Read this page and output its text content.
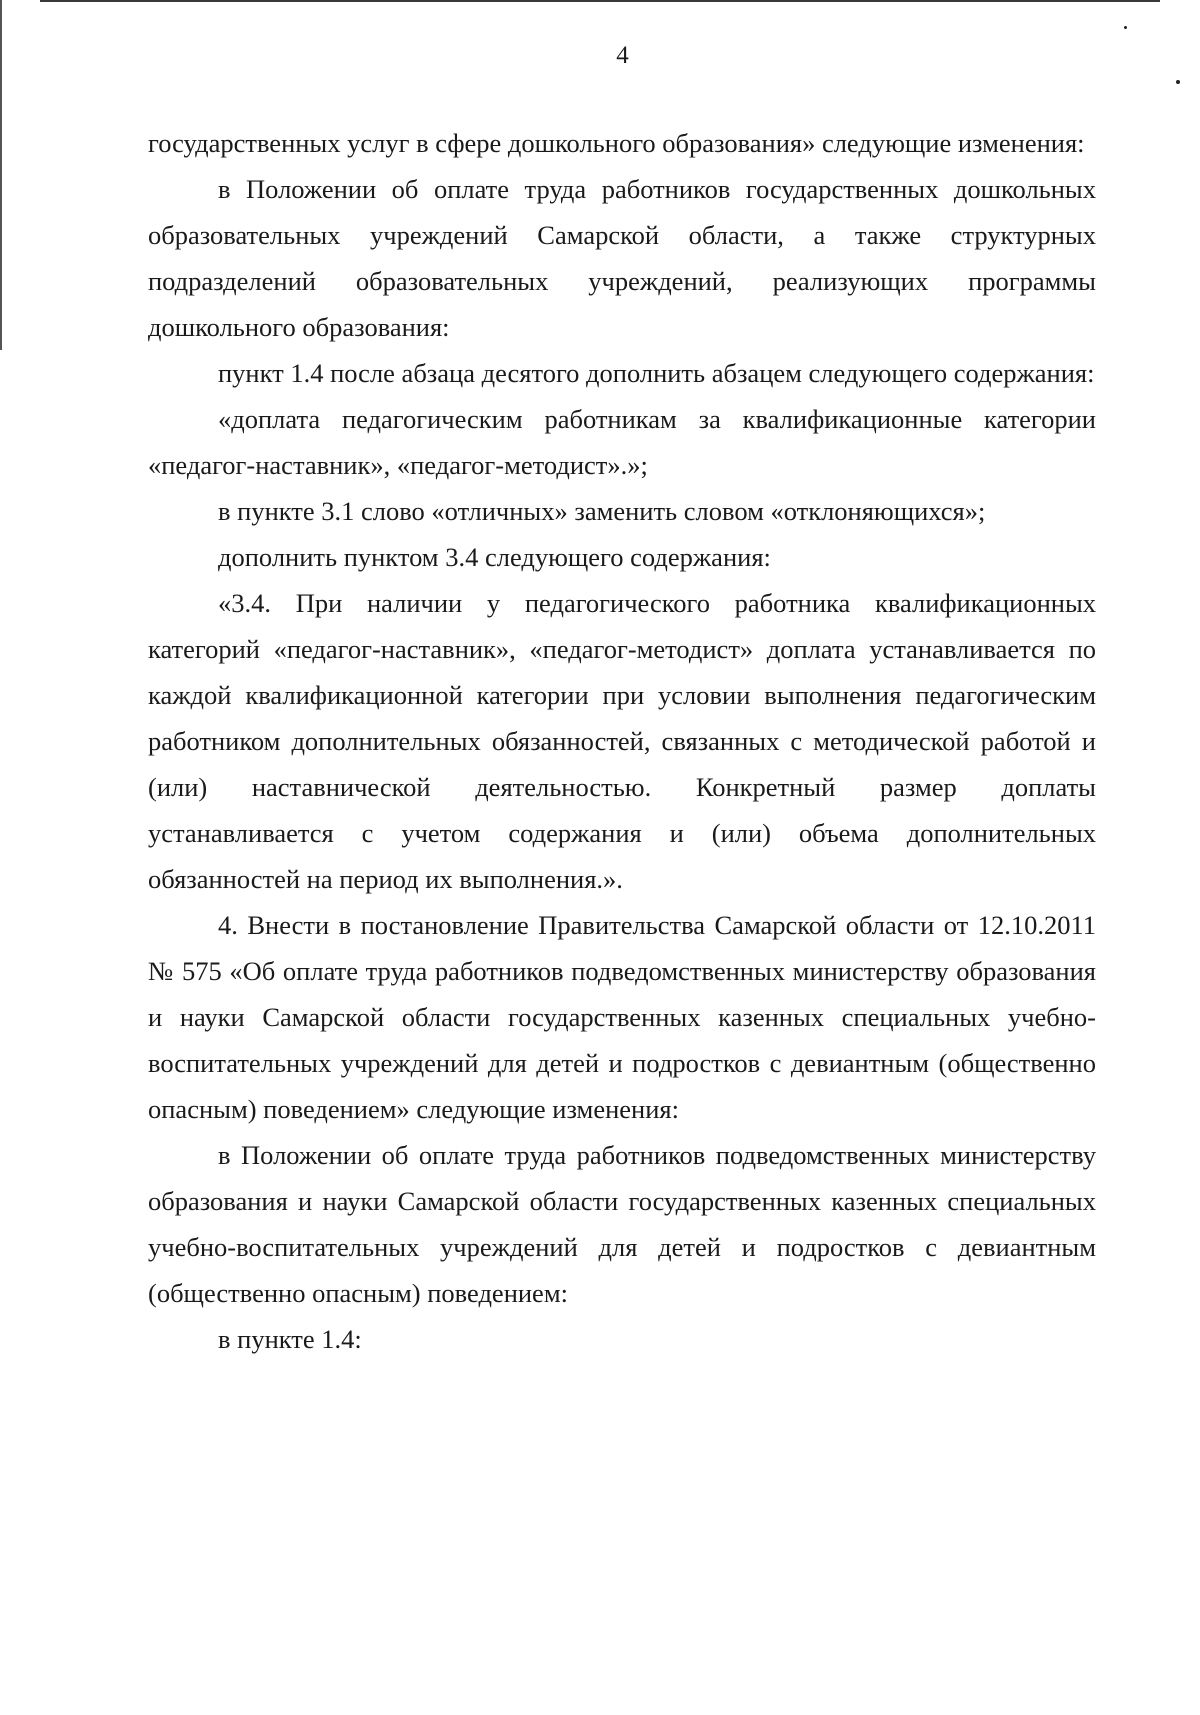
4

государственных услуг в сфере дошкольного образования» следующие изменения:

в Положении об оплате труда работников государственных дошкольных образовательных учреждений Самарской области, а также структурных подразделений образовательных учреждений, реализующих программы дошкольного образования:

пункт 1.4 после абзаца десятого дополнить абзацем следующего содержания:

«доплата педагогическим работникам за квалификационные категории «педагог-наставник», «педагог-методист».»;

в пункте 3.1 слово «отличных» заменить словом «отклоняющихся»;

дополнить пунктом 3.4 следующего содержания:

«3.4. При наличии у педагогического работника квалификационных категорий «педагог-наставник», «педагог-методист» доплата устанавливается по каждой квалификационной категории при условии выполнения педагогическим работником дополнительных обязанностей, связанных с методической работой и (или) наставнической деятельностью. Конкретный размер доплаты устанавливается с учетом содержания и (или) объема дополнительных обязанностей на период их выполнения.».

4. Внести в постановление Правительства Самарской области от 12.10.2011 № 575 «Об оплате труда работников подведомственных министерству образования и науки Самарской области государственных казенных специальных учебно-воспитательных учреждений для детей и подростков с девиантным (общественно опасным) поведением» следующие изменения:

в Положении об оплате труда работников подведомственных министерству образования и науки Самарской области государственных казенных специальных учебно-воспитательных учреждений для детей и подростков с девиантным (общественно опасным) поведением:

в пункте 1.4:
